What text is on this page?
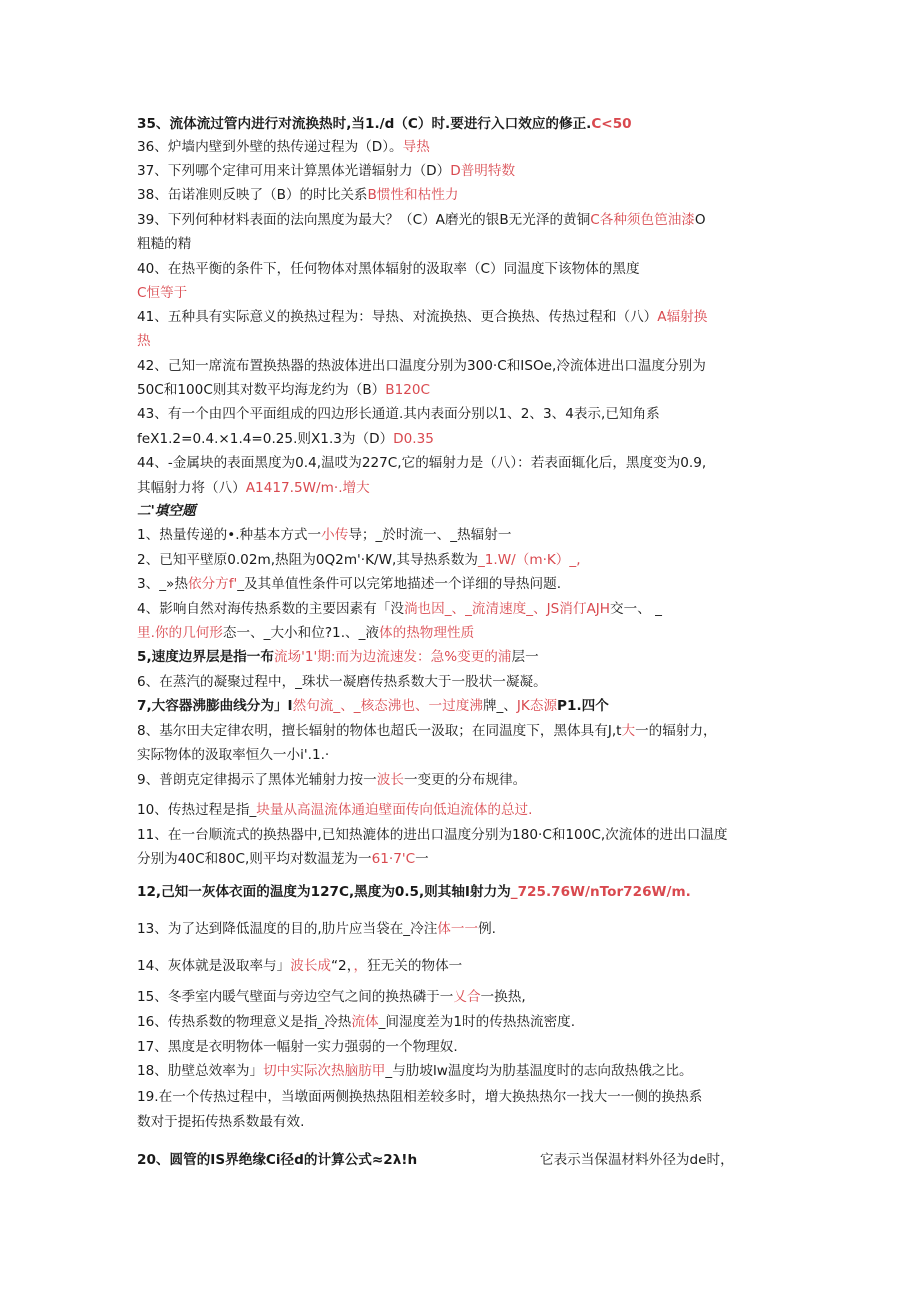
35、流体流过管内进行对流换热时,当1./d（C）时.要进行入口效应的修正.C<50
36、炉墙内壁到外壁的热传递过程为（D）。导热
37、下列哪个定律可用来计算黑体光谱辐射力（D）D普明特数
38、缶诺准则反映了（B）的时比关系B惯性和枯性力
39、下列何种材料表面的法向黑度为最大？（C）A磨光的银B无光泽的黄铜C各种须色笆油漆O
粗糙的精
40、在热平衡的条件下，任何物体对黑体辐射的汲取率（C）同温度下该物体的黑度
C恒等于
41、五种具有实际意义的换热过程为：导热、对流换热、更合换热、传热过程和（八）A辐射换
热
42、己知一席流布置换热器的热波体进出口温度分别为300·C和ISOe,冷流体进出口温度分别为
50C和100C则其对数平均海龙约为（B）B120C
43、有一个由四个平面组成的四边形长通道.其内表面分别以1、2、3、4表示,已知角系
feX1.2=0.4.×1.4=0.25.则X1.3为（D）D0.35
44、-金属块的表面黑度为0.4,温哎为227C,它的辐射力是（八）：若表面辄化后，黑度变为0.9,
其幅射力将（八）A1417.5W/m·.增大
二'填空题
1、热量传递的•.种基本方式一小传导；_於时流一、_热辐射一
2、已知平壁原0.02m,热阻为0Q2m'·K/W,其导热系数为_1.W/（m·K）_,
3、_»热依分方f'_及其单值性条件可以完笫地描述一个详细的导热问题.
4、影响自然对海传热系数的主要因素有「没淌也因_、_流清速度_、JS消仃AJH交一、 _
里.你的几何形态一、_大小和位?1.、_液体的热物理性质
5,速度边界层是指一布流场'1'期:而为边流速发：急%变更的浦层一
6、在蒸汽的凝聚过程中，_珠状一凝磨传热系数大于一股状一凝凝。
7,大容器沸膨曲线分为」I然句流_、_核态沸也、一过度沸牌_、JK态源P1.四个
8、基尔田夫定律农明，擅长辐射的物体也超氏一汲取；在同温度下，黑体具有J,t大一的辐射力，
实际物体的汲取率恒久一小i'.1.·
9、普朗克定律揭示了黑体光辅射力按一波长一变更的分布规律。
10、传热过程是指_块量从高温流体通迫壁面传向低迫流体的总过.
11、在一台顺流式的换热器中,已知热漉体的进出口温度分别为180·C和100C,次流体的进出口温度
分别为40C和80C,则平均对数温茏为一61·7'C一
12,己知一灰体衣面的温度为127C,黑度为0.5,则其轴I射力为_725.76W/nTor726W/m.
13、为了达到降低温度的目的,肋片应当袋在_冷注体一一例.
14、灰体就是汲取率与」波长成“2，，狂无关的物体一
15、冬季室内暖气壁面与旁边空气之间的换热磷于一乂合一换热,
16、传热系数的物理意义是指_冷热流体_间湿度差为1时的传热热流密度.
17、黑度是衣明物体一幅射一实力强弱的一个物理奴.
18、肋壁总效率为」切中实际次热脑肪甲_与肋坡lw温度均为肋基温度时的志向敌热俄之比。
19.在一个传热过程中，当墩面两侧换热热阻相差较多时，增大换热热尔一找大一一侧的换热系
数对于提拓传热系数最有效.
20、圆管的IS界绝缘Ci径d的计算公式≈2λ!h	它表示当保温材料外径为de时，
